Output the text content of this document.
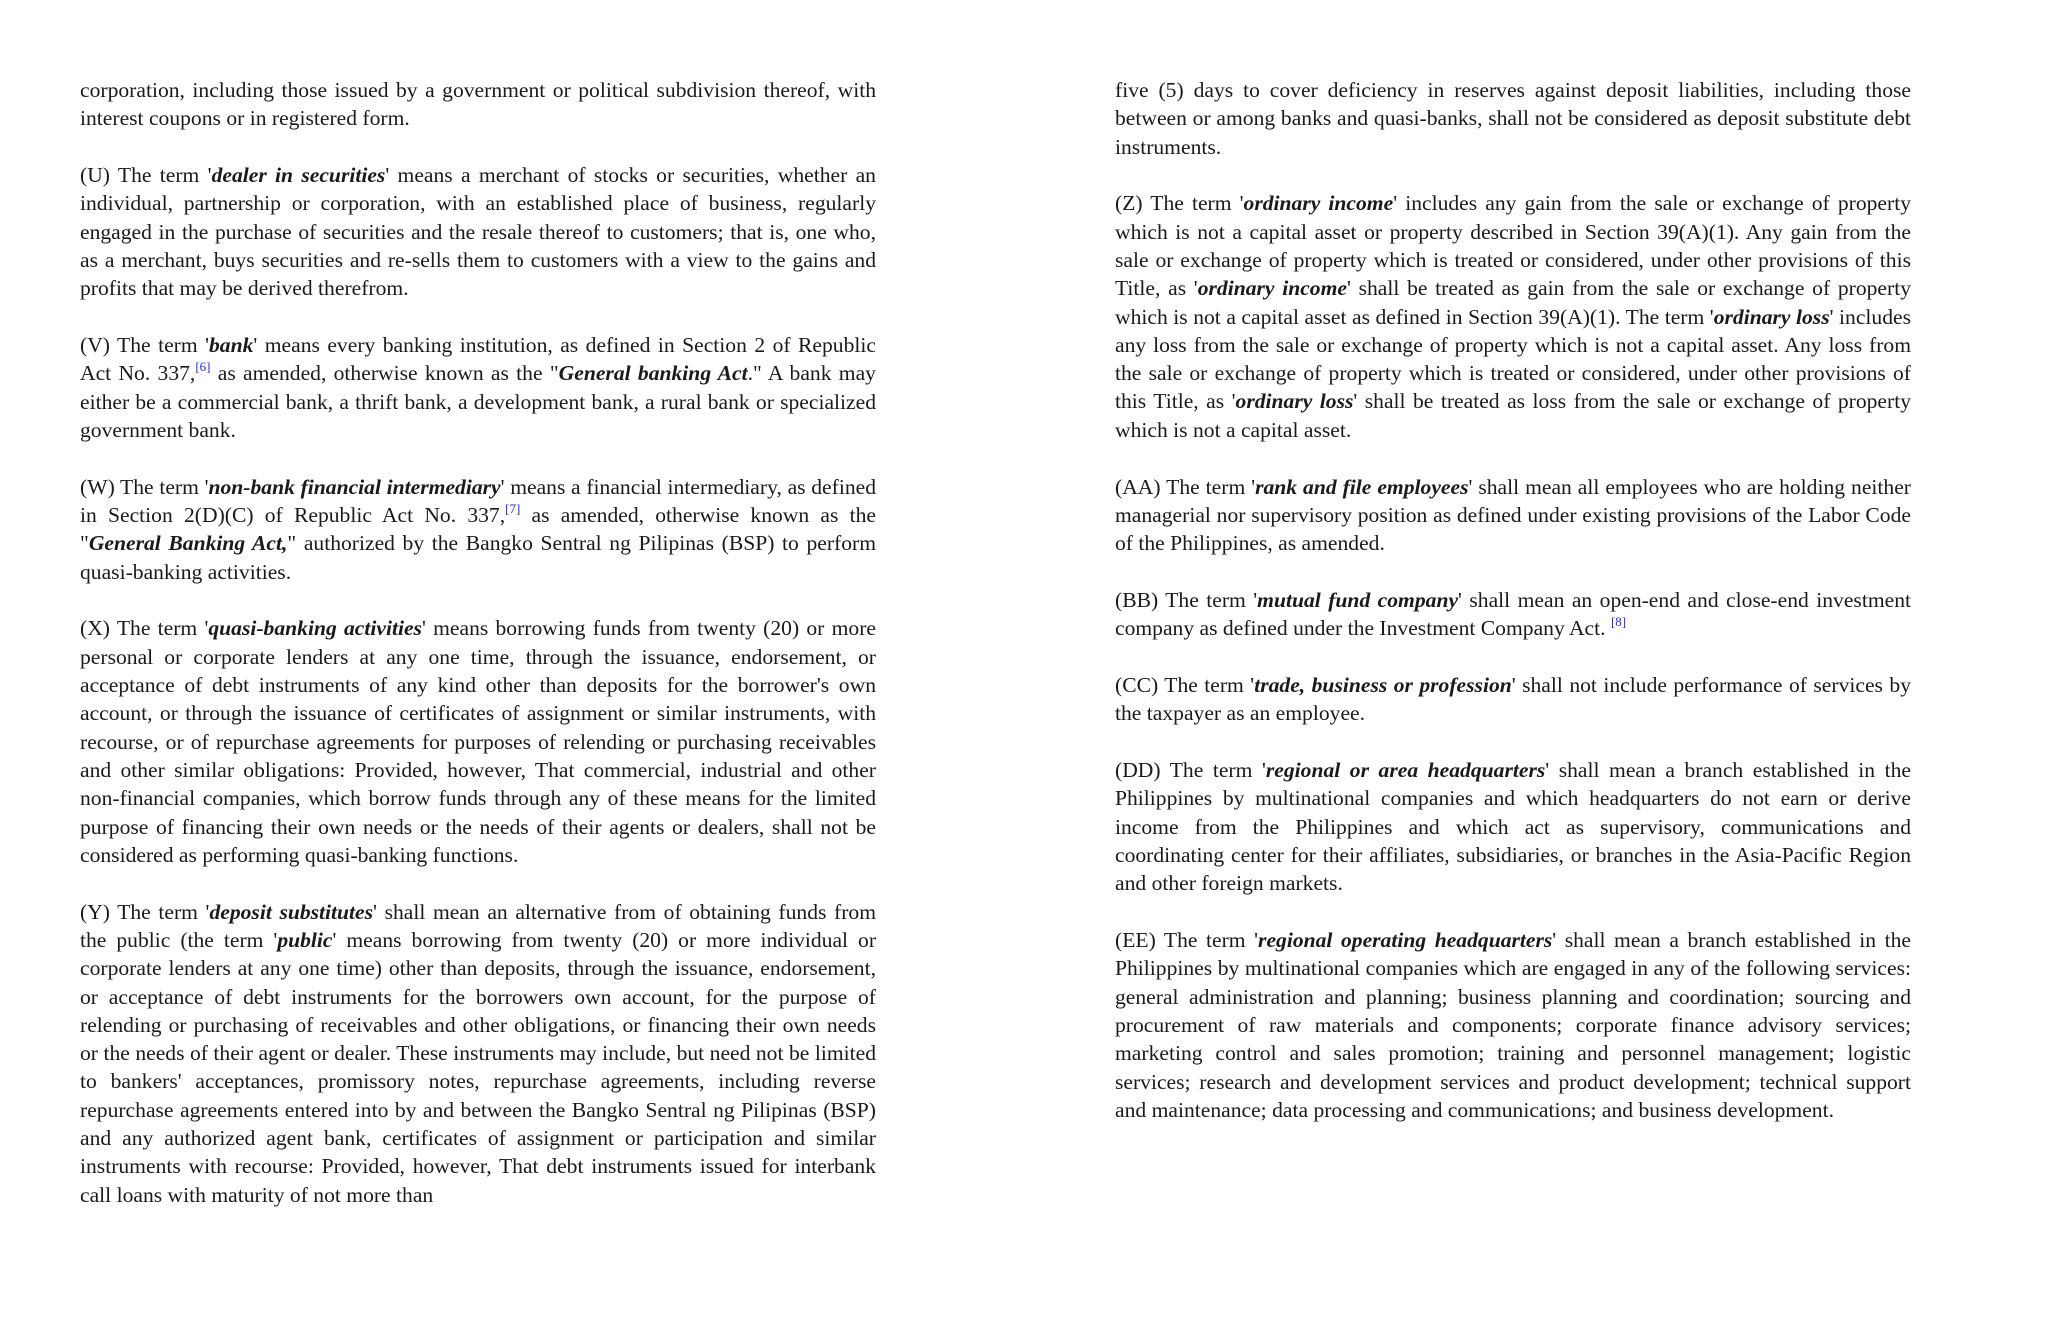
corporation, including those issued by a government or political subdivision thereof, with interest coupons or in registered form.

(U) The term 'dealer in securities' means a merchant of stocks or securities, whether an individual, partnership or corporation, with an established place of business, regularly engaged in the purchase of securities and the resale thereof to customers; that is, one who, as a merchant, buys securities and re-sells them to customers with a view to the gains and profits that may be derived therefrom.

(V) The term 'bank' means every banking institution, as defined in Section 2 of Republic Act No. 337,[6] as amended, otherwise known as the "General banking Act." A bank may either be a commercial bank, a thrift bank, a development bank, a rural bank or specialized government bank.

(W) The term 'non-bank financial intermediary' means a financial intermediary, as defined in Section 2(D)(C) of Republic Act No. 337,[7] as amended, otherwise known as the "General Banking Act," authorized by the Bangko Sentral ng Pilipinas (BSP) to perform quasi-banking activities.

(X) The term 'quasi-banking activities' means borrowing funds from twenty (20) or more personal or corporate lenders at any one time, through the issuance, endorsement, or acceptance of debt instruments of any kind other than deposits for the borrower's own account, or through the issuance of certificates of assignment or similar instruments, with recourse, or of repurchase agreements for purposes of relending or purchasing receivables and other similar obligations: Provided, however, That commercial, industrial and other non-financial companies, which borrow funds through any of these means for the limited purpose of financing their own needs or the needs of their agents or dealers, shall not be considered as performing quasi-banking functions.

(Y) The term 'deposit substitutes' shall mean an alternative from of obtaining funds from the public (the term 'public' means borrowing from twenty (20) or more individual or corporate lenders at any one time) other than deposits, through the issuance, endorsement, or acceptance of debt instruments for the borrowers own account, for the purpose of relending or purchasing of receivables and other obligations, or financing their own needs or the needs of their agent or dealer. These instruments may include, but need not be limited to bankers' acceptances, promissory notes, repurchase agreements, including reverse repurchase agreements entered into by and between the Bangko Sentral ng Pilipinas (BSP) and any authorized agent bank, certificates of assignment or participation and similar instruments with recourse: Provided, however, That debt instruments issued for interbank call loans with maturity of not more than

five (5) days to cover deficiency in reserves against deposit liabilities, including those between or among banks and quasi-banks, shall not be considered as deposit substitute debt instruments.

(Z) The term 'ordinary income' includes any gain from the sale or exchange of property which is not a capital asset or property described in Section 39(A)(1). Any gain from the sale or exchange of property which is treated or considered, under other provisions of this Title, as 'ordinary income' shall be treated as gain from the sale or exchange of property which is not a capital asset as defined in Section 39(A)(1). The term 'ordinary loss' includes any loss from the sale or exchange of property which is not a capital asset. Any loss from the sale or exchange of property which is treated or considered, under other provisions of this Title, as 'ordinary loss' shall be treated as loss from the sale or exchange of property which is not a capital asset.

(AA) The term 'rank and file employees' shall mean all employees who are holding neither managerial nor supervisory position as defined under existing provisions of the Labor Code of the Philippines, as amended.

(BB) The term 'mutual fund company' shall mean an open-end and close-end investment company as defined under the Investment Company Act. [8]

(CC) The term 'trade, business or profession' shall not include performance of services by the taxpayer as an employee.

(DD) The term 'regional or area headquarters' shall mean a branch established in the Philippines by multinational companies and which headquarters do not earn or derive income from the Philippines and which act as supervisory, communications and coordinating center for their affiliates, subsidiaries, or branches in the Asia-Pacific Region and other foreign markets.

(EE) The term 'regional operating headquarters' shall mean a branch established in the Philippines by multinational companies which are engaged in any of the following services: general administration and planning; business planning and coordination; sourcing and procurement of raw materials and components; corporate finance advisory services; marketing control and sales promotion; training and personnel management; logistic services; research and development services and product development; technical support and maintenance; data processing and communications; and business development.
